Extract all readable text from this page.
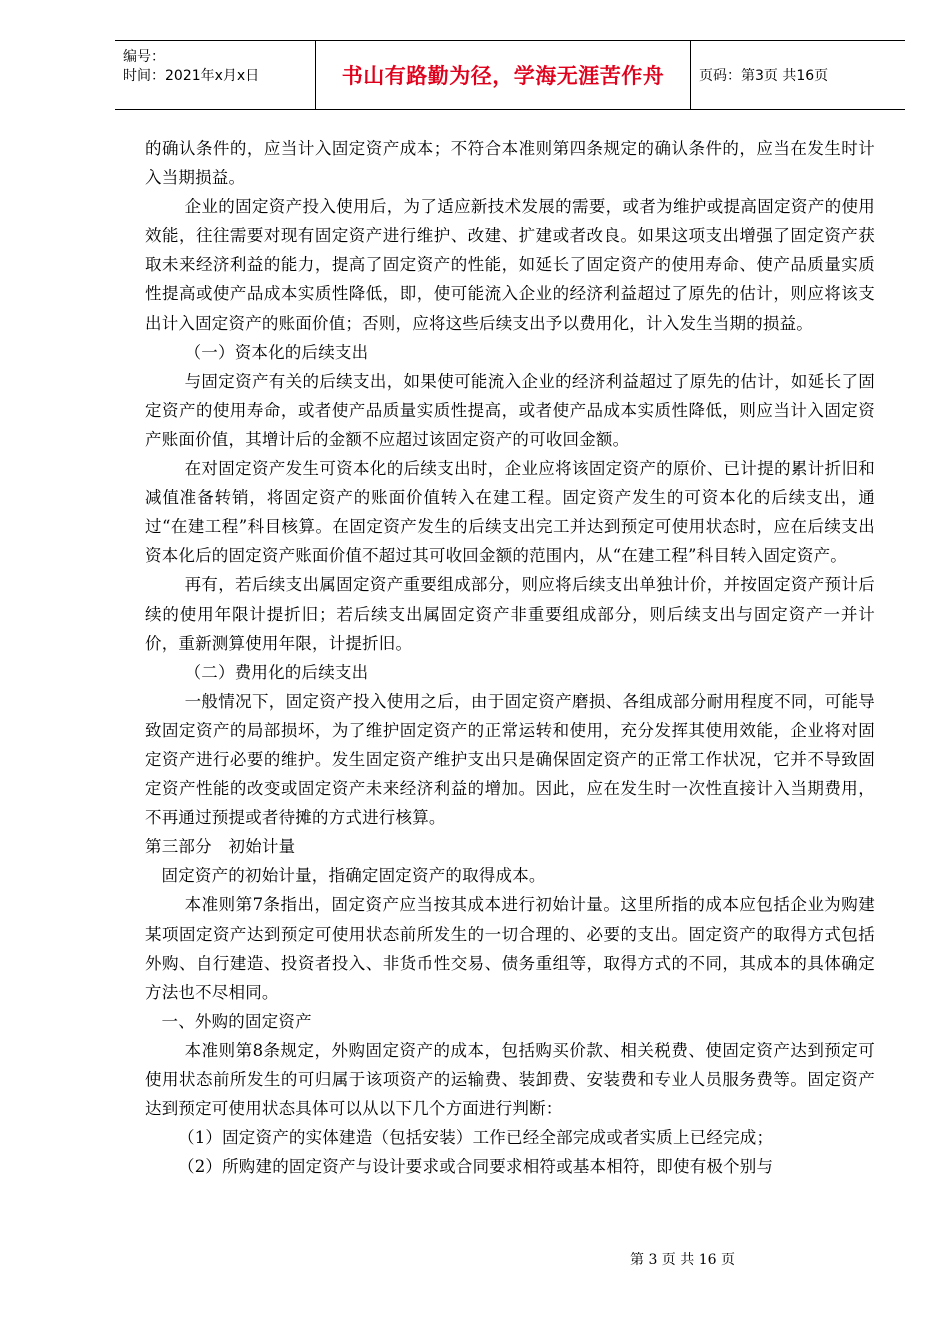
编号：
时间：2021年x月x日	书山有路勤为径，学海无涯苦作舟	页码：第3页 共16页

的确认条件的，应当计入固定资产成本；不符合本准则第四条规定的确认条件的，应当在发生时计入当期损益。

企业的固定资产投入使用后，为了适应新技术发展的需要，或者为维护或提高固定资产的使用效能，往往需要对现有固定资产进行维护、改建、扩建或者改良。如果这项支出增强了固定资产获取未来经济利益的能力，提高了固定资产的性能，如延长了固定资产的使用寿命、使产品质量实质性提高或使产品成本实质性降低，即，使可能流入企业的经济利益超过了原先的估计，则应将该支出计入固定资产的账面价值；否则，应将这些后续支出予以费用化，计入发生当期的损益。

（一）资本化的后续支出

与固定资产有关的后续支出，如果使可能流入企业的经济利益超过了原先的估计，如延长了固定资产的使用寿命，或者使产品质量实质性提高，或者使产品成本实质性降低，则应当计入固定资产账面价值，其增计后的金额不应超过该固定资产的可收回金额。

在对固定资产发生可资本化的后续支出时，企业应将该固定资产的原价、已计提的累计折旧和减值准备转销，将固定资产的账面价值转入在建工程。固定资产发生的可资本化的后续支出，通过“在建工程”科目核算。在固定资产发生的后续支出完工并达到预定可使用状态时，应在后续支出资本化后的固定资产账面价值不超过其可收回金额的范围内，从“在建工程”科目转入固定资产。

再有，若后续支出属固定资产重要组成部分，则应将后续支出单独计价，并按固定资产预计后续的使用年限计提折旧；若后续支出属固定资产非重要组成部分，则后续支出与固定资产一并计价，重新测算使用年限，计提折旧。

（二）费用化的后续支出

一般情况下，固定资产投入使用之后，由于固定资产磨损、各组成部分耐用程度不同，可能导致固定资产的局部损坏，为了维护固定资产的正常运转和使用，充分发挥其使用效能，企业将对固定资产进行必要的维护。发生固定资产维护支出只是确保固定资产的正常工作状况，它并不导致固定资产性能的改变或固定资产未来经济利益的增加。因此，应在发生时一次性直接计入当期费用，不再通过预提或者待摊的方式进行核算。

第三部分　初始计量

固定资产的初始计量，指确定固定资产的取得成本。

本准则第7条指出，固定资产应当按其成本进行初始计量。这里所指的成本应包括企业为购建某项固定资产达到预定可使用状态前所发生的一切合理的、必要的支出。固定资产的取得方式包括外购、自行建造、投资者投入、非货币性交易、债务重组等，取得方式的不同，其成本的具体确定方法也不尽相同。

一、外购的固定资产

本准则第8条规定，外购固定资产的成本，包括购买价款、相关税费、使固定资产达到预定可使用状态前所发生的可归属于该项资产的运输费、装卸费、安装费和专业人员服务费等。固定资产达到预定可使用状态具体可以从以下几个方面进行判断：

（1）固定资产的实体建造（包括安装）工作已经全部完成或者实质上已经完成；

（2）所购建的固定资产与设计要求或合同要求相符或基本相符，即使有极个别与

第 3 页 共 16 页
